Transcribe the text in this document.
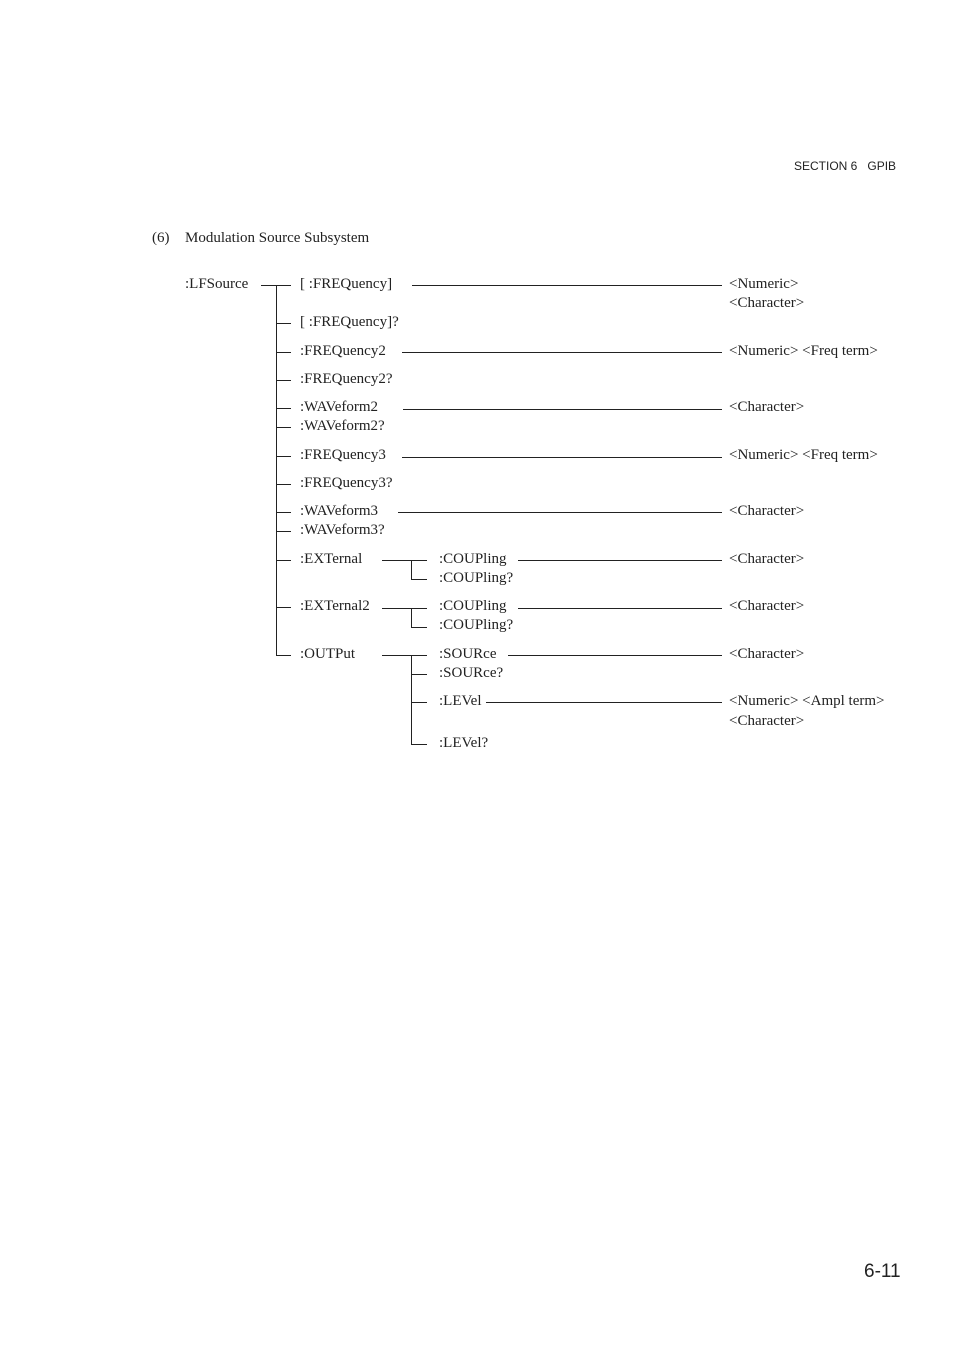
SECTION 6 GPIB
(6) Modulation Source Subsystem
:LFSource	[ :FREQuency]
[ :FREQuency]?
:FREQuency2
:FREQuency2?
:WAVeform2
:WAVeform2?
:FREQuency3
:FREQuency3?
:WAVeform3
:WAVeform3?
:EXTernal
:EXTernal2
:OUTPut
:COUPling
:COUPling?
:COUPling
:COUPling?
:SOURce
:SOURce?
:LEVel
:LEVel?
<Numeric>
<Character>
<Numeric> <Freq term>
<Character>
<Numeric> <Freq term>
<Character>
<Character>
<Character>
<Character>
<Numeric> <Ampl term>
<Character>
6-11
